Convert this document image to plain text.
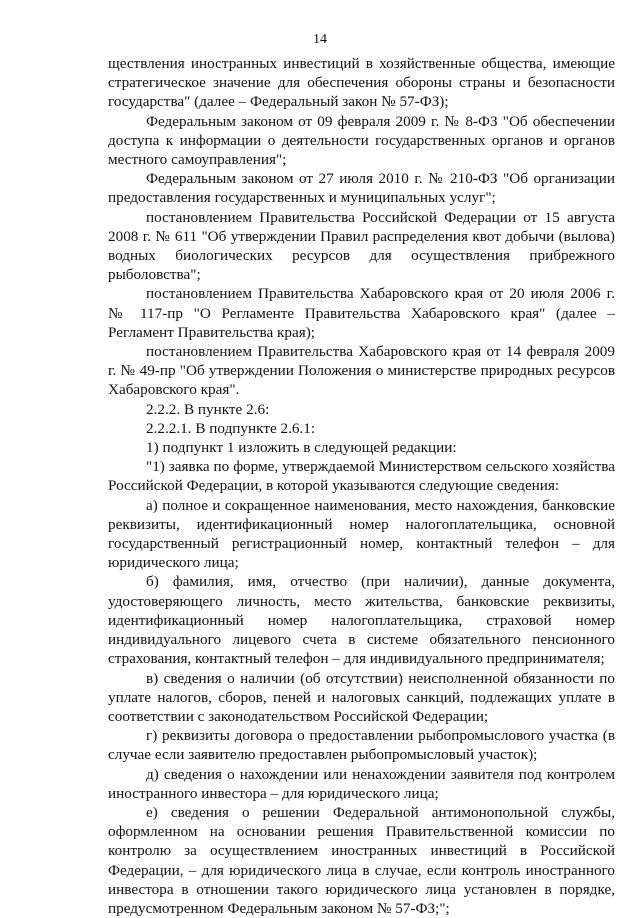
14

ществления иностранных инвестиций в хозяйственные общества, имеющие стратегическое значение для обеспечения обороны страны и безопасности государства" (далее – Федеральный закон № 57-ФЗ);

Федеральным законом от 09 февраля 2009 г. № 8-ФЗ "Об обеспечении доступа к информации о деятельности государственных органов и органов местного самоуправления";

Федеральным законом от 27 июля 2010 г. № 210-ФЗ "Об организации предоставления государственных и муниципальных услуг";

постановлением Правительства Российской Федерации от 15 августа 2008 г. № 611 "Об утверждении Правил распределения квот добычи (вылова) водных биологических ресурсов для осуществления прибрежного рыболовства";

постановлением Правительства Хабаровского края от 20 июля 2006 г. № 117-пр "О Регламенте Правительства Хабаровского края" (далее – Регламент Правительства края);

постановлением Правительства Хабаровского края от 14 февраля 2009 г. № 49-пр "Об утверждении Положения о министерстве природных ресурсов Хабаровского края".

2.2.2. В пункте 2.6:

2.2.2.1. В подпункте 2.6.1:

1) подпункт 1 изложить в следующей редакции:

"1) заявка по форме, утверждаемой Министерством сельского хозяйства Российской Федерации, в которой указываются следующие сведения:

а) полное и сокращенное наименования, место нахождения, банковские реквизиты, идентификационный номер налогоплательщика, основной государственный регистрационный номер, контактный телефон – для юридического лица;

б) фамилия, имя, отчество (при наличии), данные документа, удостоверяющего личность, место жительства, банковские реквизиты, идентификационный номер налогоплательщика, страховой номер индивидуального лицевого счета в системе обязательного пенсионного страхования, контактный телефон – для индивидуального предпринимателя;

в) сведения о наличии (об отсутствии) неисполненной обязанности по уплате налогов, сборов, пеней и налоговых санкций, подлежащих уплате в соответствии с законодательством Российской Федерации;

г) реквизиты договора о предоставлении рыбопромыслового участка (в случае если заявителю предоставлен рыбопромысловый участок);

д) сведения о нахождении или ненахождении заявителя под контролем иностранного инвестора – для юридического лица;

е) сведения о решении Федеральной антимонопольной службы, оформленном на основании решения Правительственной комиссии по контролю за осуществлением иностранных инвестиций в Российской Федерации, – для юридического лица в случае, если контроль иностранного инвестора в отношении такого юридического лица установлен в порядке, предусмотренном Федеральным законом № 57-ФЗ;";
